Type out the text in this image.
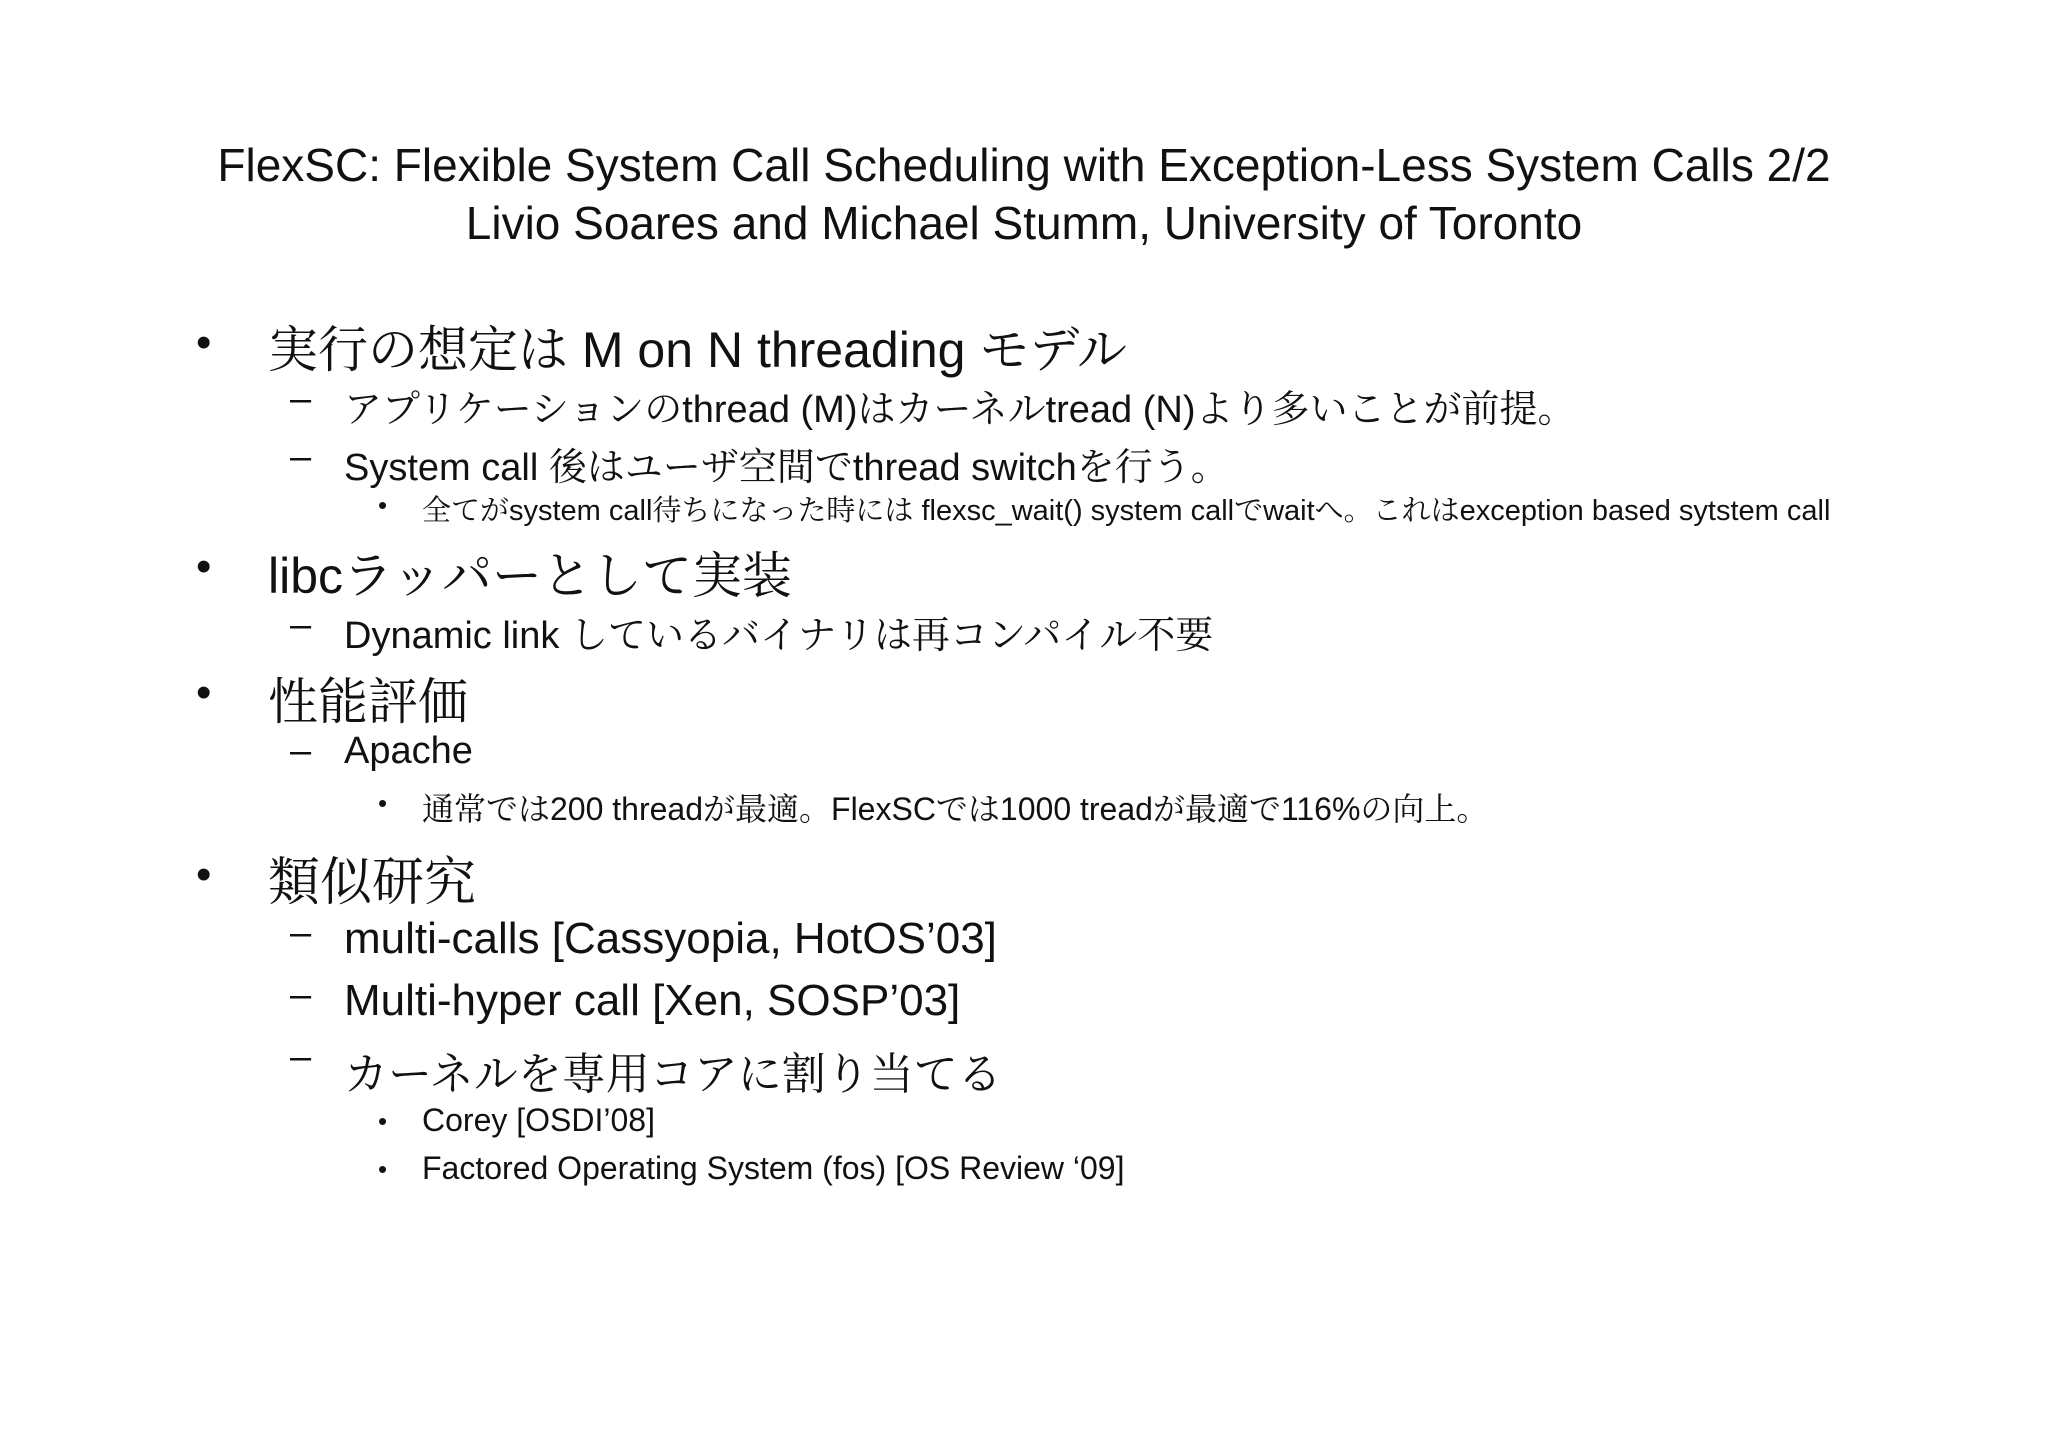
FlexSC: Flexible System Call Scheduling with Exception-Less System Calls 2/2
Livio Soares and Michael Stumm, University of Toronto
• 実行の想定は M on N threading モデル
– アプリケーションのthread (M)はカーネルtread (N)より多いことが前提。
– System call 後はユーザ空間でthread switchを行う。
• 全てがsystem call待ちになった時には flexsc_wait() system callでwaitへ。これはexception based sytstem call
• libcラッパーとして実装
– Dynamic link しているバイナリは再コンパイル不要
• 性能評価
– Apache
• 通常では200 threadが最適。FlexSCでは1000 treadが最適で116%の向上。
• 類似研究
– multi-calls [Cassyopia, HotOS’03]
– Multi-hyper call [Xen, SOSP’03]
– カーネルを専用コアに割り当てる
• Corey [OSDI’08]
• Factored Operating System (fos) [OS Review ‘09]
